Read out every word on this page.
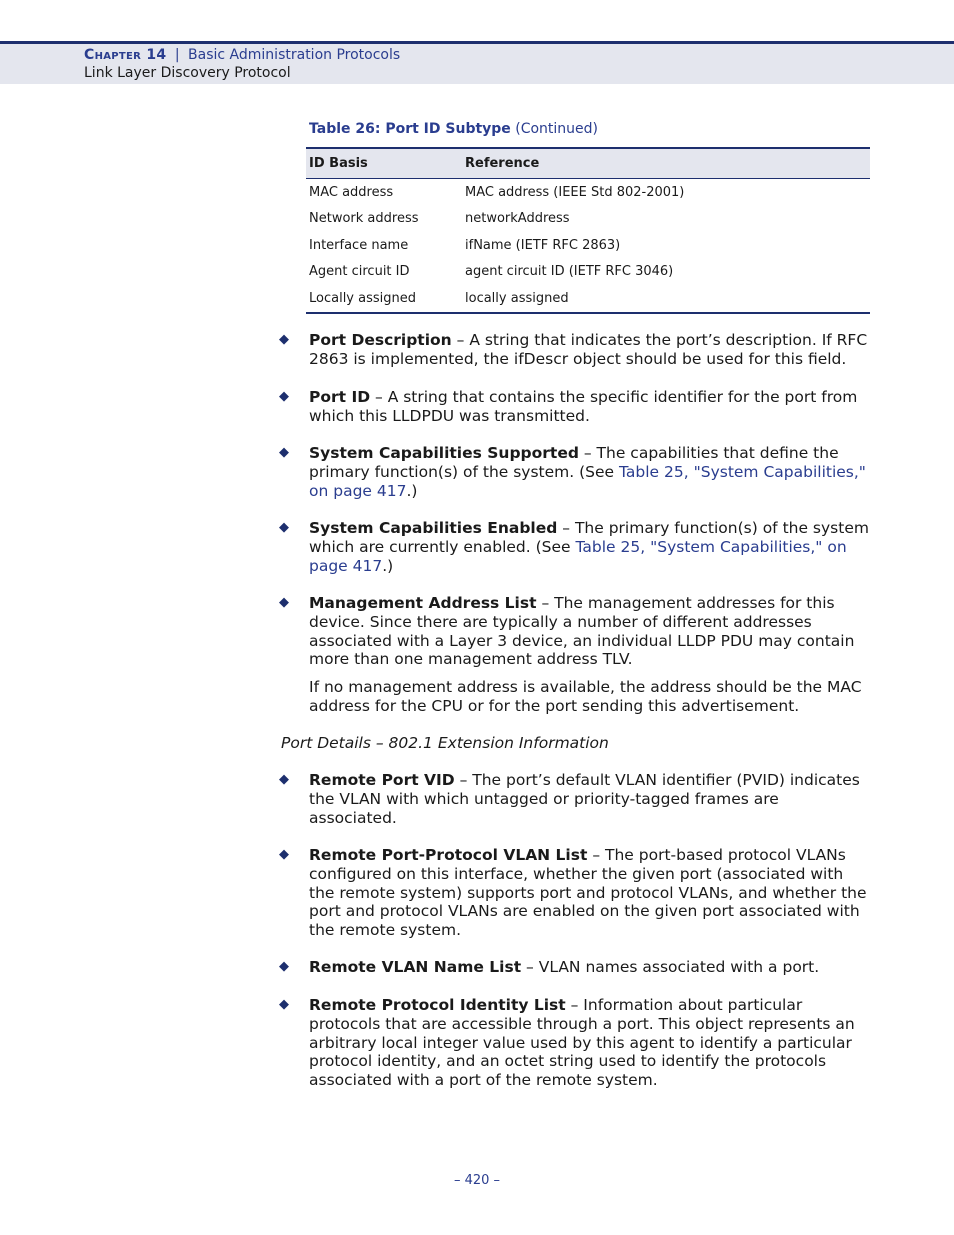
Chapter 14 | Basic Administration Protocols
Link Layer Discovery Protocol
Table 26: Port ID Subtype (Continued)
ID Basis	Reference
MAC address	MAC address (IEEE Std 802-2001)
Network address	networkAddress
Interface name	ifName (IETF RFC 2863)
Agent circuit ID	agent circuit ID (IETF RFC 3046)
Locally assigned	locally assigned
◆ Port Description – A string that indicates the port’s description. If RFC 2863 is implemented, the ifDescr object should be used for this field.
◆ Port ID – A string that contains the specific identifier for the port from which this LLDPDU was transmitted.
◆ System Capabilities Supported – The capabilities that define the primary function(s) of the system. (See Table 25, "System Capabilities," on page 417.)
◆ System Capabilities Enabled – The primary function(s) of the system which are currently enabled. (See Table 25, "System Capabilities," on page 417.)
◆ Management Address List – The management addresses for this device. Since there are typically a number of different addresses associated with a Layer 3 device, an individual LLDP PDU may contain more than one management address TLV.
If no management address is available, the address should be the MAC address for the CPU or for the port sending this advertisement.
Port Details – 802.1 Extension Information
◆ Remote Port VID – The port’s default VLAN identifier (PVID) indicates the VLAN with which untagged or priority-tagged frames are associated.
◆ Remote Port-Protocol VLAN List – The port-based protocol VLANs configured on this interface, whether the given port (associated with the remote system) supports port and protocol VLANs, and whether the port and protocol VLANs are enabled on the given port associated with the remote system.
◆ Remote VLAN Name List – VLAN names associated with a port.
◆ Remote Protocol Identity List – Information about particular protocols that are accessible through a port. This object represents an arbitrary local integer value used by this agent to identify a particular protocol identity, and an octet string used to identify the protocols associated with a port of the remote system.
– 420 –
